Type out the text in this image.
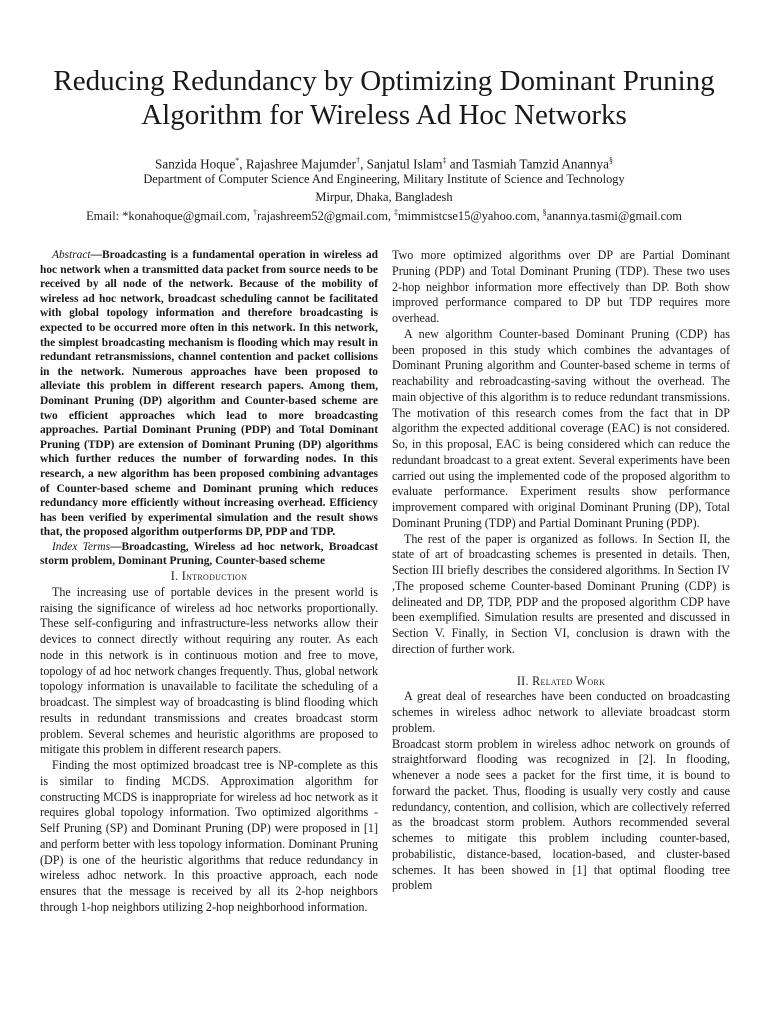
Reducing Redundancy by Optimizing Dominant Pruning Algorithm for Wireless Ad Hoc Networks
Sanzida Hoque*, Rajashree Majumder†, Sanjatul Islam‡ and Tasmiah Tamzid Anannya§
Department of Computer Science And Engineering, Military Institute of Science and Technology
Mirpur, Dhaka, Bangladesh
Email: *konahoque@gmail.com, †rajashreem52@gmail.com, ‡mimmistcse15@yahoo.com, §anannya.tasmi@gmail.com

Abstract—Broadcasting is a fundamental operation in wireless ad hoc network when a transmitted data packet from source needs to be received by all node of the network. Because of the mobility of wireless ad hoc network, broadcast scheduling cannot be facilitated with global topology information and therefore broadcasting is expected to be occurred more often in this network. In this network, the simplest broadcasting mechanism is flooding which may result in redundant retransmissions, channel contention and packet collisions in the network. Numerous approaches have been proposed to alleviate this problem in different research papers. Among them, Dominant Pruning (DP) algorithm and Counter-based scheme are two efficient approaches which lead to more broadcasting approaches. Partial Dominant Pruning (PDP) and Total Dominant Pruning (TDP) are extension of Dominant Pruning (DP) algorithms which further reduces the number of forwarding nodes. In this research, a new algorithm has been proposed combining advantages of Counter-based scheme and Dominant pruning which reduces redundancy more efficiently without increasing overhead. Efficiency has been verified by experimental simulation and the result shows that, the proposed algorithm outperforms DP, PDP and TDP.

Index Terms—Broadcasting, Wireless ad hoc network, Broadcast storm problem, Dominant Pruning, Counter-based scheme

I. Introduction

The increasing use of portable devices in the present world is raising the significance of wireless ad hoc networks proportionally. These self-configuring and infrastructure-less networks allow their devices to connect directly without requiring any router. As each node in this network is in continuous motion and free to move, topology of ad hoc network changes frequently. Thus, global network topology information is unavailable to facilitate the scheduling of a broadcast. The simplest way of broadcasting is blind flooding which results in redundant transmissions and creates broadcast storm problem. Several schemes and heuristic algorithms are proposed to mitigate this problem in different research papers.

Finding the most optimized broadcast tree is NP-complete as this is similar to finding MCDS. Approximation algorithm for constructing MCDS is inappropriate for wireless ad hoc network as it requires global topology information. Two optimized algorithms - Self Pruning (SP) and Dominant Pruning (DP) were proposed in [1] and perform better with less topology information. Dominant Pruning (DP) is one of the heuristic algorithms that reduce redundancy in wireless adhoc network. In this proactive approach, each node ensures that the message is received by all its 2-hop neighbors through 1-hop neighbors utilizing 2-hop neighborhood information.

Two more optimized algorithms over DP are Partial Dominant Pruning (PDP) and Total Dominant Pruning (TDP). These two uses 2-hop neighbor information more effectively than DP. Both show improved performance compared to DP but TDP requires more overhead.

A new algorithm Counter-based Dominant Pruning (CDP) has been proposed in this study which combines the advantages of Dominant Pruning algorithm and Counter-based scheme in terms of reachability and rebroadcasting-saving without the overhead. The main objective of this algorithm is to reduce redundant transmissions. The motivation of this research comes from the fact that in DP algorithm the expected additional coverage (EAC) is not considered. So, in this proposal, EAC is being considered which can reduce the redundant broadcast to a great extent. Several experiments have been carried out using the implemented code of the proposed algorithm to evaluate performance. Experiment results show performance improvement compared with original Dominant Pruning (DP), Total Dominant Pruning (TDP) and Partial Dominant Pruning (PDP).

The rest of the paper is organized as follows. In Section II, the state of art of broadcasting schemes is presented in details. Then, Section III briefly describes the considered algorithms. In Section IV ,The proposed scheme Counter-based Dominant Pruning (CDP) is delineated and DP, TDP, PDP and the proposed algorithm CDP have been exemplified. Simulation results are presented and discussed in Section V. Finally, in Section VI, conclusion is drawn with the direction of further work.

II. Related Work

A great deal of researches have been conducted on broadcasting schemes in wireless adhoc network to alleviate broadcast storm problem.

Broadcast storm problem in wireless adhoc network on grounds of straightforward flooding was recognized in [2]. In flooding, whenever a node sees a packet for the first time, it is bound to forward the packet. Thus, flooding is usually very costly and cause redundancy, contention, and collision, which are collectively referred as the broadcast storm problem. Authors recommended several schemes to mitigate this problem including counter-based, probabilistic, distance-based, location-based, and cluster-based schemes. It has been showed in [1] that optimal flooding tree problem
